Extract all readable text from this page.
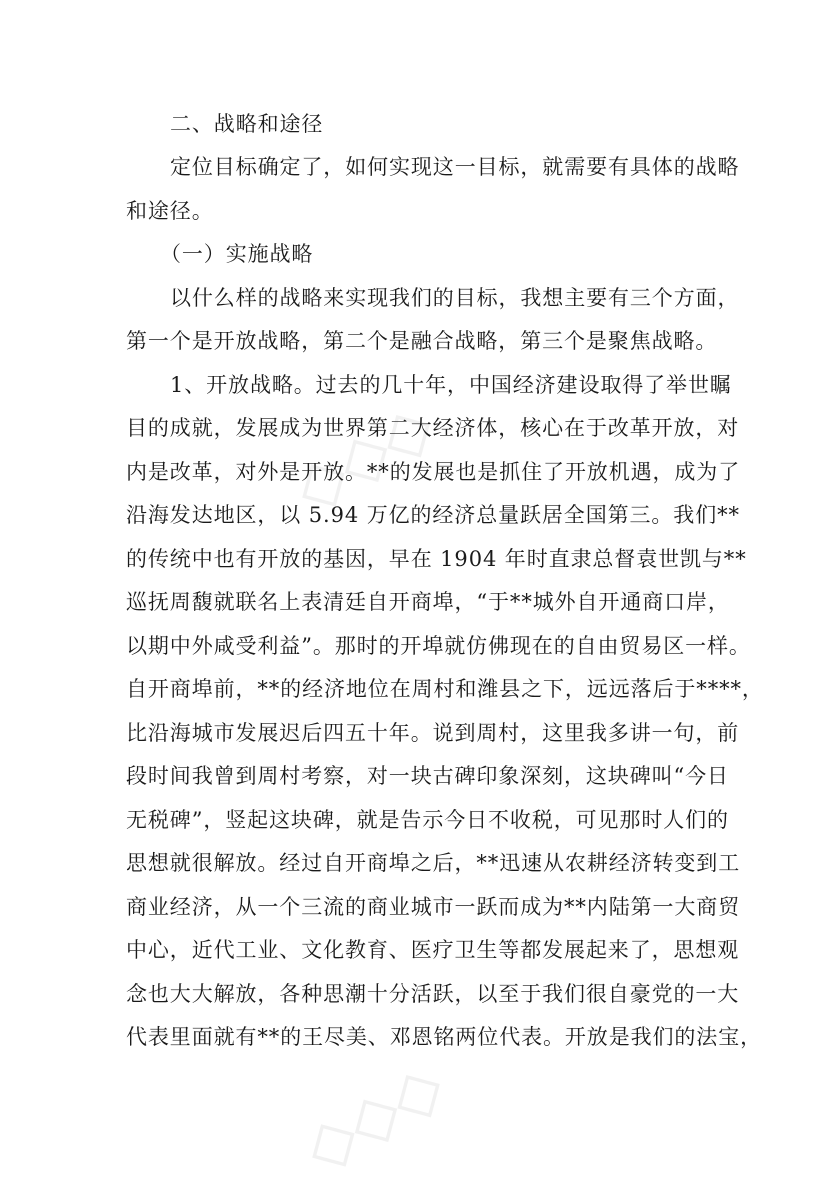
◇◇◇
◇◇◇
二、战略和途径
定位目标确定了，如何实现这一目标，就需要有具体的战略
和途径。
（一）实施战略
以什么样的战略来实现我们的目标，我想主要有三个方面，
第一个是开放战略，第二个是融合战略，第三个是聚焦战略。
1、开放战略。过去的几十年，中国经济建设取得了举世瞩
目的成就，发展成为世界第二大经济体，核心在于改革开放，对
内是改革，对外是开放。**的发展也是抓住了开放机遇，成为了
沿海发达地区，以 5.94 万亿的经济总量跃居全国第三。我们**
的传统中也有开放的基因，早在 1904 年时直隶总督袁世凯与**
巡抚周馥就联名上表清廷自开商埠，“于**城外自开通商口岸，
以期中外咸受利益”。那时的开埠就仿佛现在的自由贸易区一样。
自开商埠前，**的经济地位在周村和潍县之下，远远落后于****，
比沿海城市发展迟后四五十年。说到周村，这里我多讲一句，前
段时间我曾到周村考察，对一块古碑印象深刻，这块碑叫“今日
无税碑”，竖起这块碑，就是告示今日不收税，可见那时人们的
思想就很解放。经过自开商埠之后，**迅速从农耕经济转变到工
商业经济，从一个三流的商业城市一跃而成为**内陆第一大商贸
中心，近代工业、文化教育、医疗卫生等都发展起来了，思想观
念也大大解放，各种思潮十分活跃，以至于我们很自豪党的一大
代表里面就有**的王尽美、邓恩铭两位代表。开放是我们的法宝，
